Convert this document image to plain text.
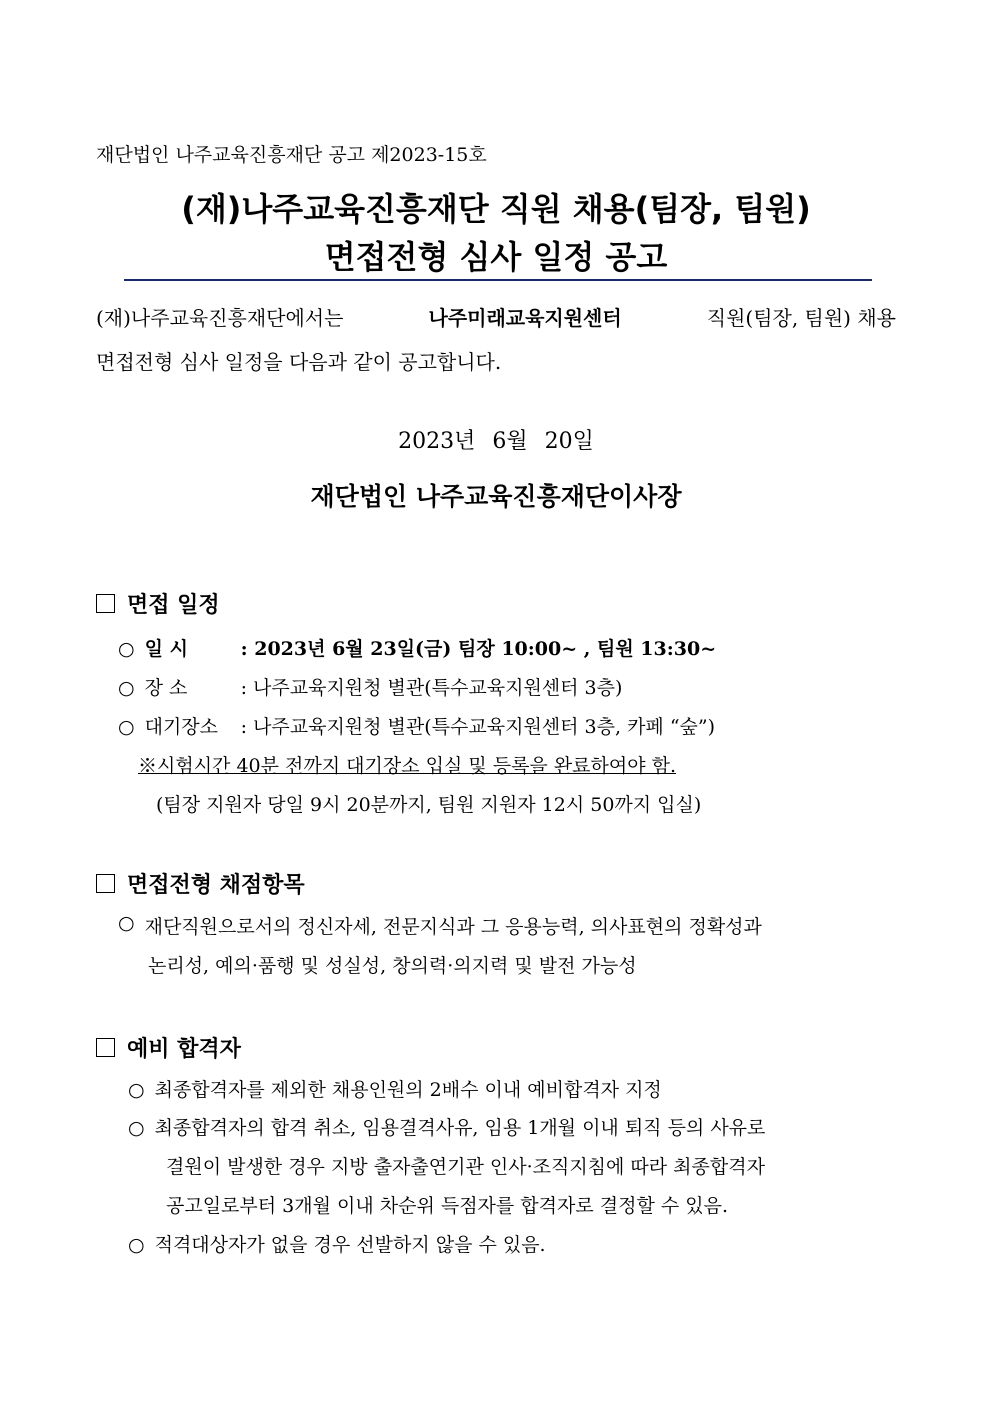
재단법인 나주교육진흥재단 공고 제2023-15호
(재)나주교육진흥재단 직원 채용(팀장, 팀원)
면접전형 심사 일정 공고
(재)나주교육진흥재단에서는	나주미래교육지원센터	직원(팀장, 팀원) 채용
면접전형 심사 일정을 다음과 같이 공고합니다.
2023년 6월 20일
재단법인 나주교육진흥재단이사장
면접 일정
○ 일 시	: 2023년 6월 23일(금) 팀장 10:00~ , 팀원 13:30~
○ 장 소	: 나주교육지원청 별관(특수교육지원센터 3층)
○ 대기장소 : 나주교육지원청 별관(특수교육지원센터 3층, 카페 “숲”)
※시험시간 40분 전까지 대기장소 입실 및 등록을 완료하여야 함.
(팀장 지원자 당일 9시 20분까지, 팀원 지원자 12시 50까지 입실)
면접전형 채점항목
○ 재단직원으로서의 정신자세, 전문지식과 그 응용능력, 의사표현의 정확성과
논리성, 예의·품행 및 성실성, 창의력·의지력 및 발전 가능성
예비 합격자
○ 최종합격자를 제외한 채용인원의 2배수 이내 예비합격자 지정
○ 최종합격자의 합격 취소, 임용결격사유, 임용 1개월 이내 퇴직 등의 사유로
결원이 발생한 경우 지방 출자출연기관 인사·조직지침에 따라 최종합격자
공고일로부터 3개월 이내 차순위 득점자를 합격자로 결정할 수 있음.
○ 적격대상자가 없을 경우 선발하지 않을 수 있음.
